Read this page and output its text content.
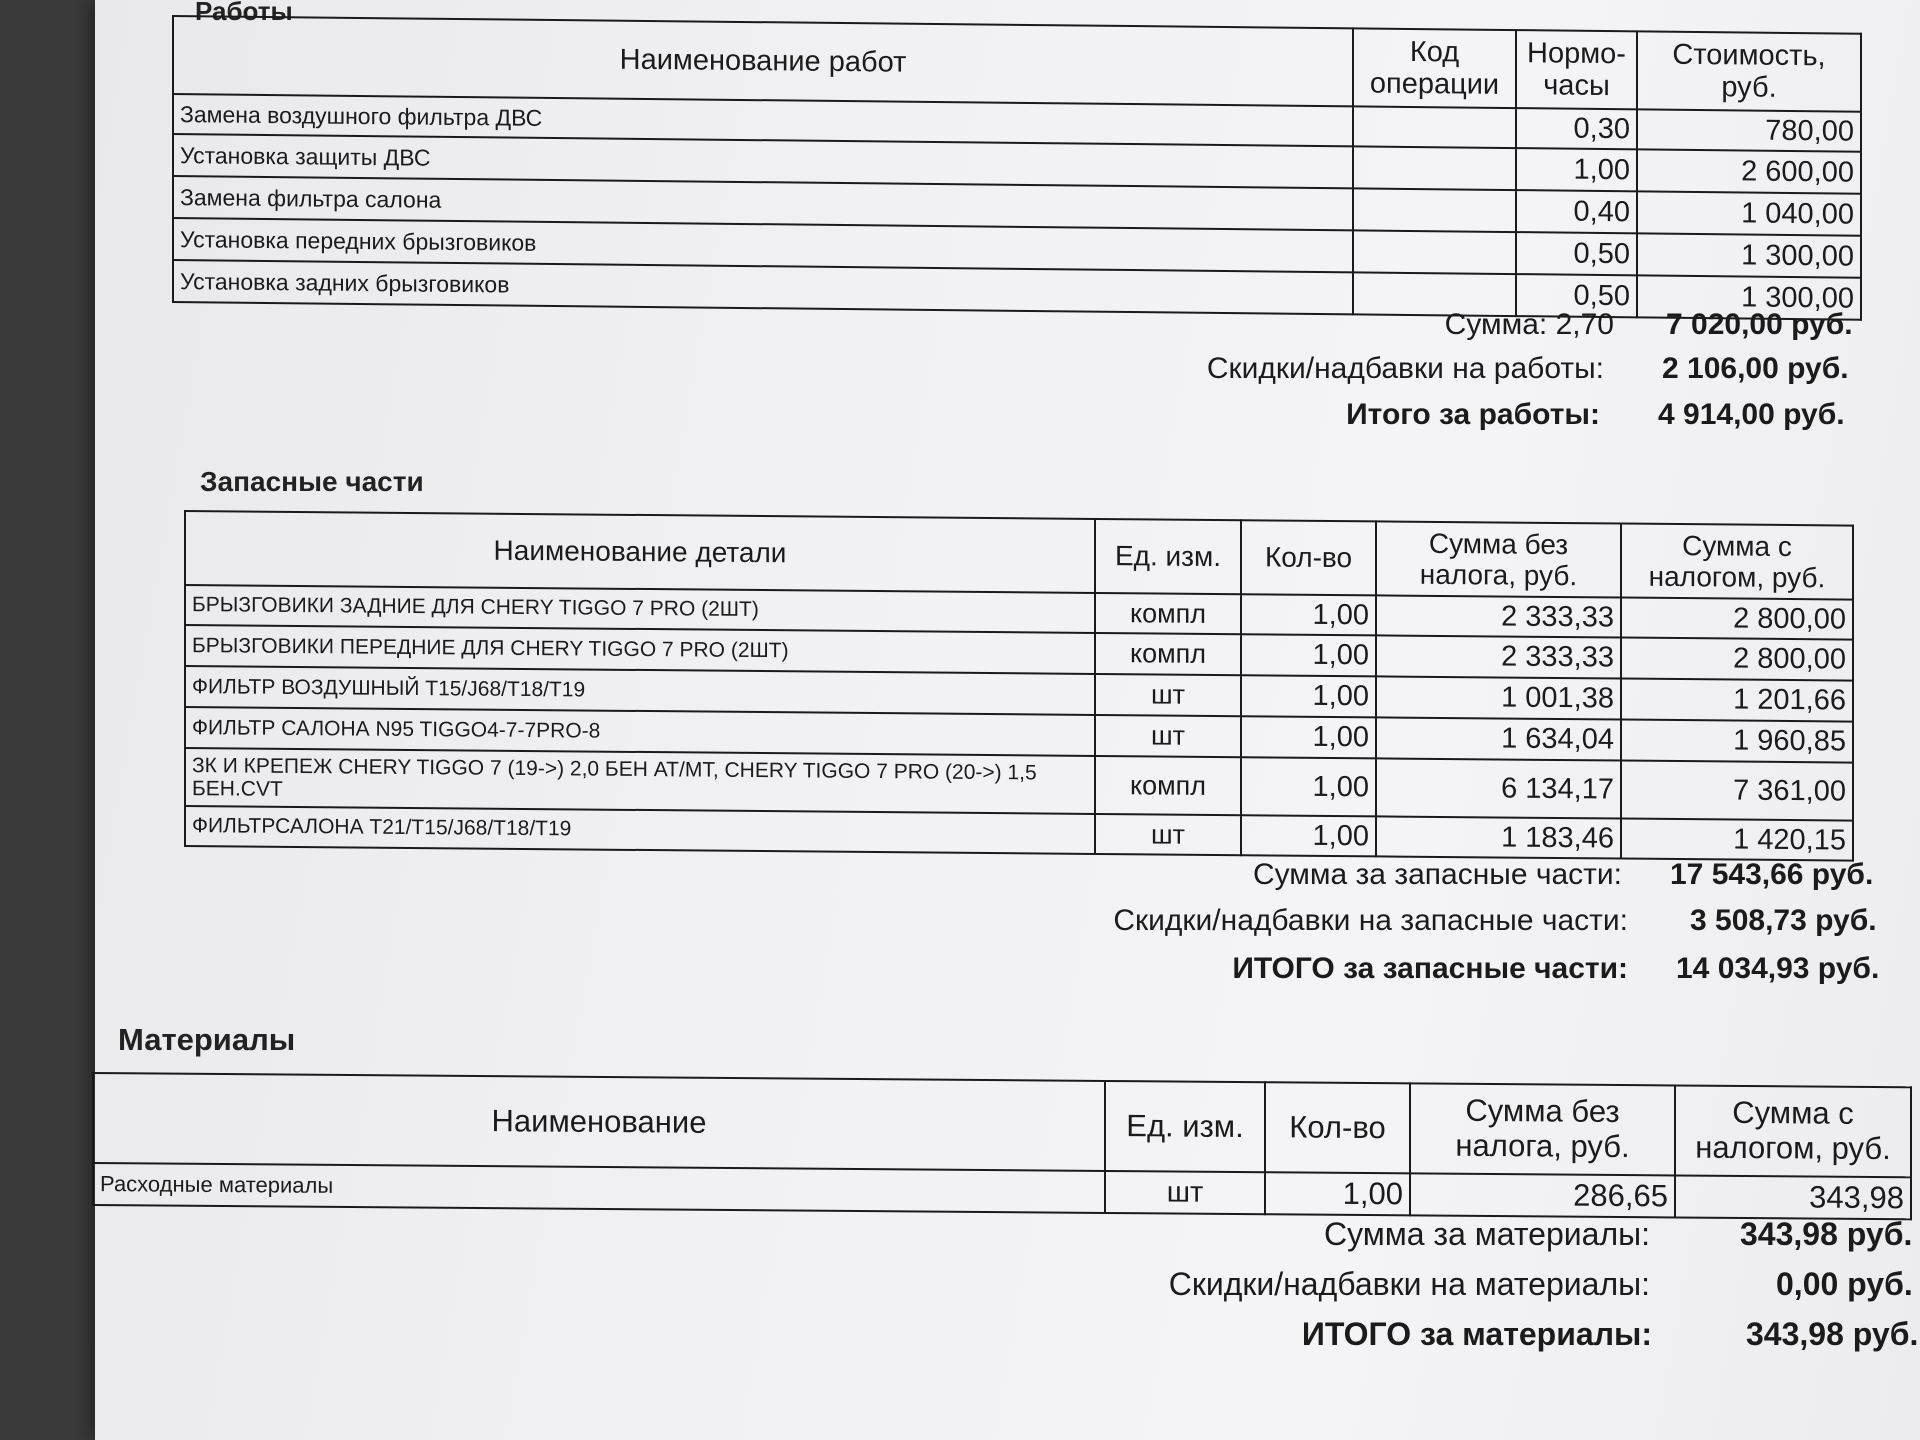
Работы
Наименование работ	Код операции	Нормо-часы	Стоимость, руб.
Замена воздушного фильтра ДВС		0,30	780,00
Установка защиты ДВС		1,00	2 600,00
Замена фильтра салона		0,40	1 040,00
Установка передних брызговиков		0,50	1 300,00
Установка задних брызговиков		0,50	1 300,00
Сумма: 2,70 7 020,00 руб.
Скидки/надбавки на работы: 2 106,00 руб.
Итого за работы: 4 914,00 руб.
Запасные части
Наименование детали	Ед. изм.	Кол-во	Сумма без налога, руб.	Сумма с налогом, руб.
БРЫЗГОВИКИ ЗАДНИЕ ДЛЯ CHERY TIGGO 7 PRO (2ШТ)	компл	1,00	2 333,33	2 800,00
БРЫЗГОВИКИ ПЕРЕДНИЕ ДЛЯ CHERY TIGGO 7 PRO (2ШТ)	компл	1,00	2 333,33	2 800,00
ФИЛЬТР ВОЗДУШНЫЙ T15/J68/T18/T19	шт	1,00	1 001,38	1 201,66
ФИЛЬТР САЛОНА N95 TIGGO4-7-7PRO-8	шт	1,00	1 634,04	1 960,85
ЗК И КРЕПЕЖ CHERY TIGGO 7 (19->) 2,0 БЕН AT/MT, CHERY TIGGO 7 PRO (20->) 1,5 БЕН.CVT	компл	1,00	6 134,17	7 361,00
ФИЛЬТРСАЛОНА T21/T15/J68/T18/T19	шт	1,00	1 183,46	1 420,15
Сумма за запасные части: 17 543,66 руб.
Скидки/надбавки на запасные части: 3 508,73 руб.
ИТОГО за запасные части: 14 034,93 руб.
Материалы
Наименование	Ед. изм.	Кол-во	Сумма без налога, руб.	Сумма с налогом, руб.
Расходные материалы	шт	1,00	286,65	343,98
Сумма за материалы:	343,98 руб.
Скидки/надбавки на материалы:	0,00 руб.
ИТОГО за материалы:	343,98 руб.
